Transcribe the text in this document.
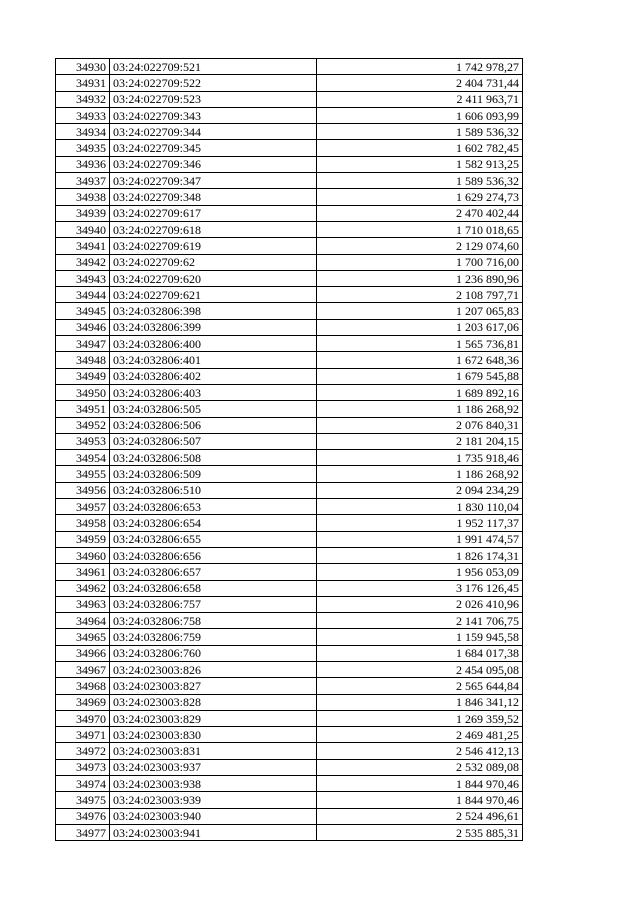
34930	03:24:022709:521	1 742 978,27
34931	03:24:022709:522	2 404 731,44
34932	03:24:022709:523	2 411 963,71
34933	03:24:022709:343	1 606 093,99
34934	03:24:022709:344	1 589 536,32
34935	03:24:022709:345	1 602 782,45
34936	03:24:022709:346	1 582 913,25
34937	03:24:022709:347	1 589 536,32
34938	03:24:022709:348	1 629 274,73
34939	03:24:022709:617	2 470 402,44
34940	03:24:022709:618	1 710 018,65
34941	03:24:022709:619	2 129 074,60
34942	03:24:022709:62	1 700 716,00
34943	03:24:022709:620	1 236 890,96
34944	03:24:022709:621	2 108 797,71
34945	03:24:032806:398	1 207 065,83
34946	03:24:032806:399	1 203 617,06
34947	03:24:032806:400	1 565 736,81
34948	03:24:032806:401	1 672 648,36
34949	03:24:032806:402	1 679 545,88
34950	03:24:032806:403	1 689 892,16
34951	03:24:032806:505	1 186 268,92
34952	03:24:032806:506	2 076 840,31
34953	03:24:032806:507	2 181 204,15
34954	03:24:032806:508	1 735 918,46
34955	03:24:032806:509	1 186 268,92
34956	03:24:032806:510	2 094 234,29
34957	03:24:032806:653	1 830 110,04
34958	03:24:032806:654	1 952 117,37
34959	03:24:032806:655	1 991 474,57
34960	03:24:032806:656	1 826 174,31
34961	03:24:032806:657	1 956 053,09
34962	03:24:032806:658	3 176 126,45
34963	03:24:032806:757	2 026 410,96
34964	03:24:032806:758	2 141 706,75
34965	03:24:032806:759	1 159 945,58
34966	03:24:032806:760	1 684 017,38
34967	03:24:023003:826	2 454 095,08
34968	03:24:023003:827	2 565 644,84
34969	03:24:023003:828	1 846 341,12
34970	03:24:023003:829	1 269 359,52
34971	03:24:023003:830	2 469 481,25
34972	03:24:023003:831	2 546 412,13
34973	03:24:023003:937	2 532 089,08
34974	03:24:023003:938	1 844 970,46
34975	03:24:023003:939	1 844 970,46
34976	03:24:023003:940	2 524 496,61
34977	03:24:023003:941	2 535 885,31
